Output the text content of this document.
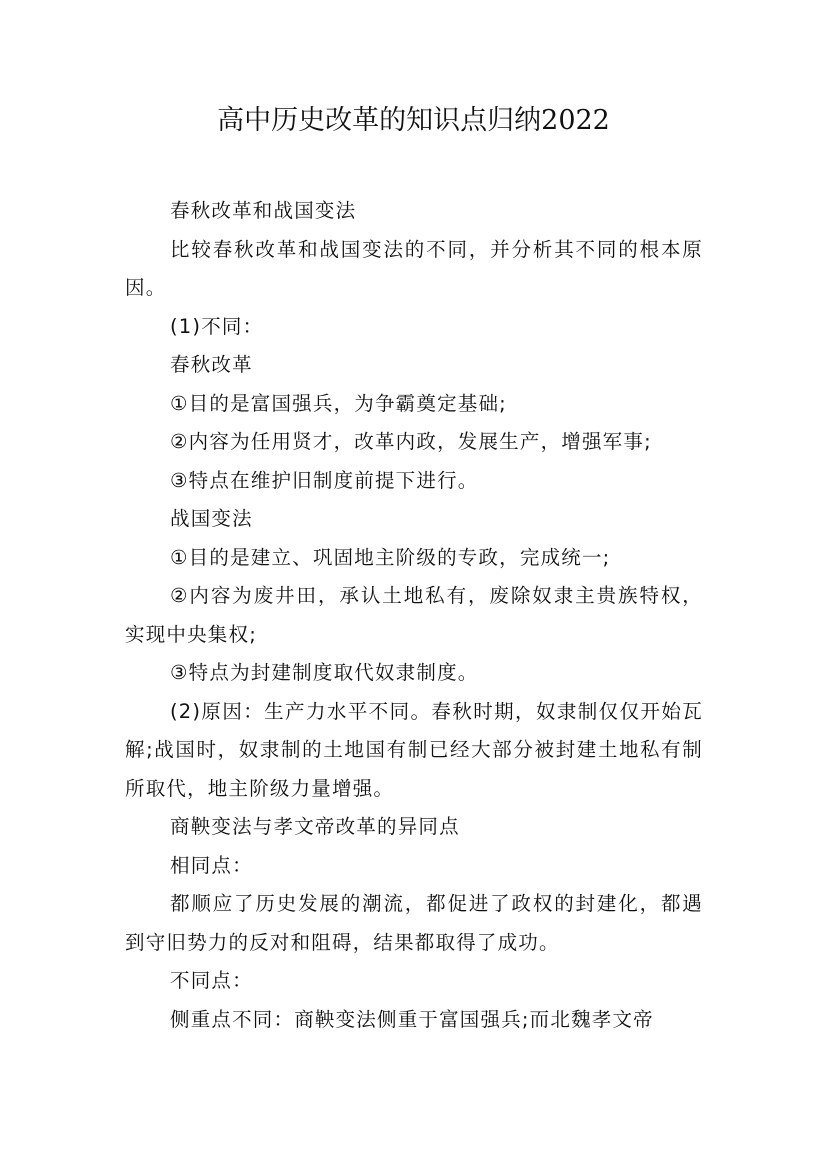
高中历史改革的知识点归纳2022

春秋改革和战国变法

比较春秋改革和战国变法的不同，并分析其不同的根本原因。

(1)不同：

春秋改革

①目的是富国强兵，为争霸奠定基础;

②内容为任用贤才，改革内政，发展生产，增强军事;

③特点在维护旧制度前提下进行。

战国变法

①目的是建立、巩固地主阶级的专政，完成统一;

②内容为废井田，承认土地私有，废除奴隶主贵族特权，实现中央集权;

③特点为封建制度取代奴隶制度。

(2)原因：生产力水平不同。春秋时期，奴隶制仅仅开始瓦解;战国时，奴隶制的土地国有制已经大部分被封建土地私有制所取代，地主阶级力量增强。

商鞅变法与孝文帝改革的异同点

相同点：

都顺应了历史发展的潮流，都促进了政权的封建化，都遇到守旧势力的反对和阻碍，结果都取得了成功。

不同点：

侧重点不同：商鞅变法侧重于富国强兵;而北魏孝文帝
